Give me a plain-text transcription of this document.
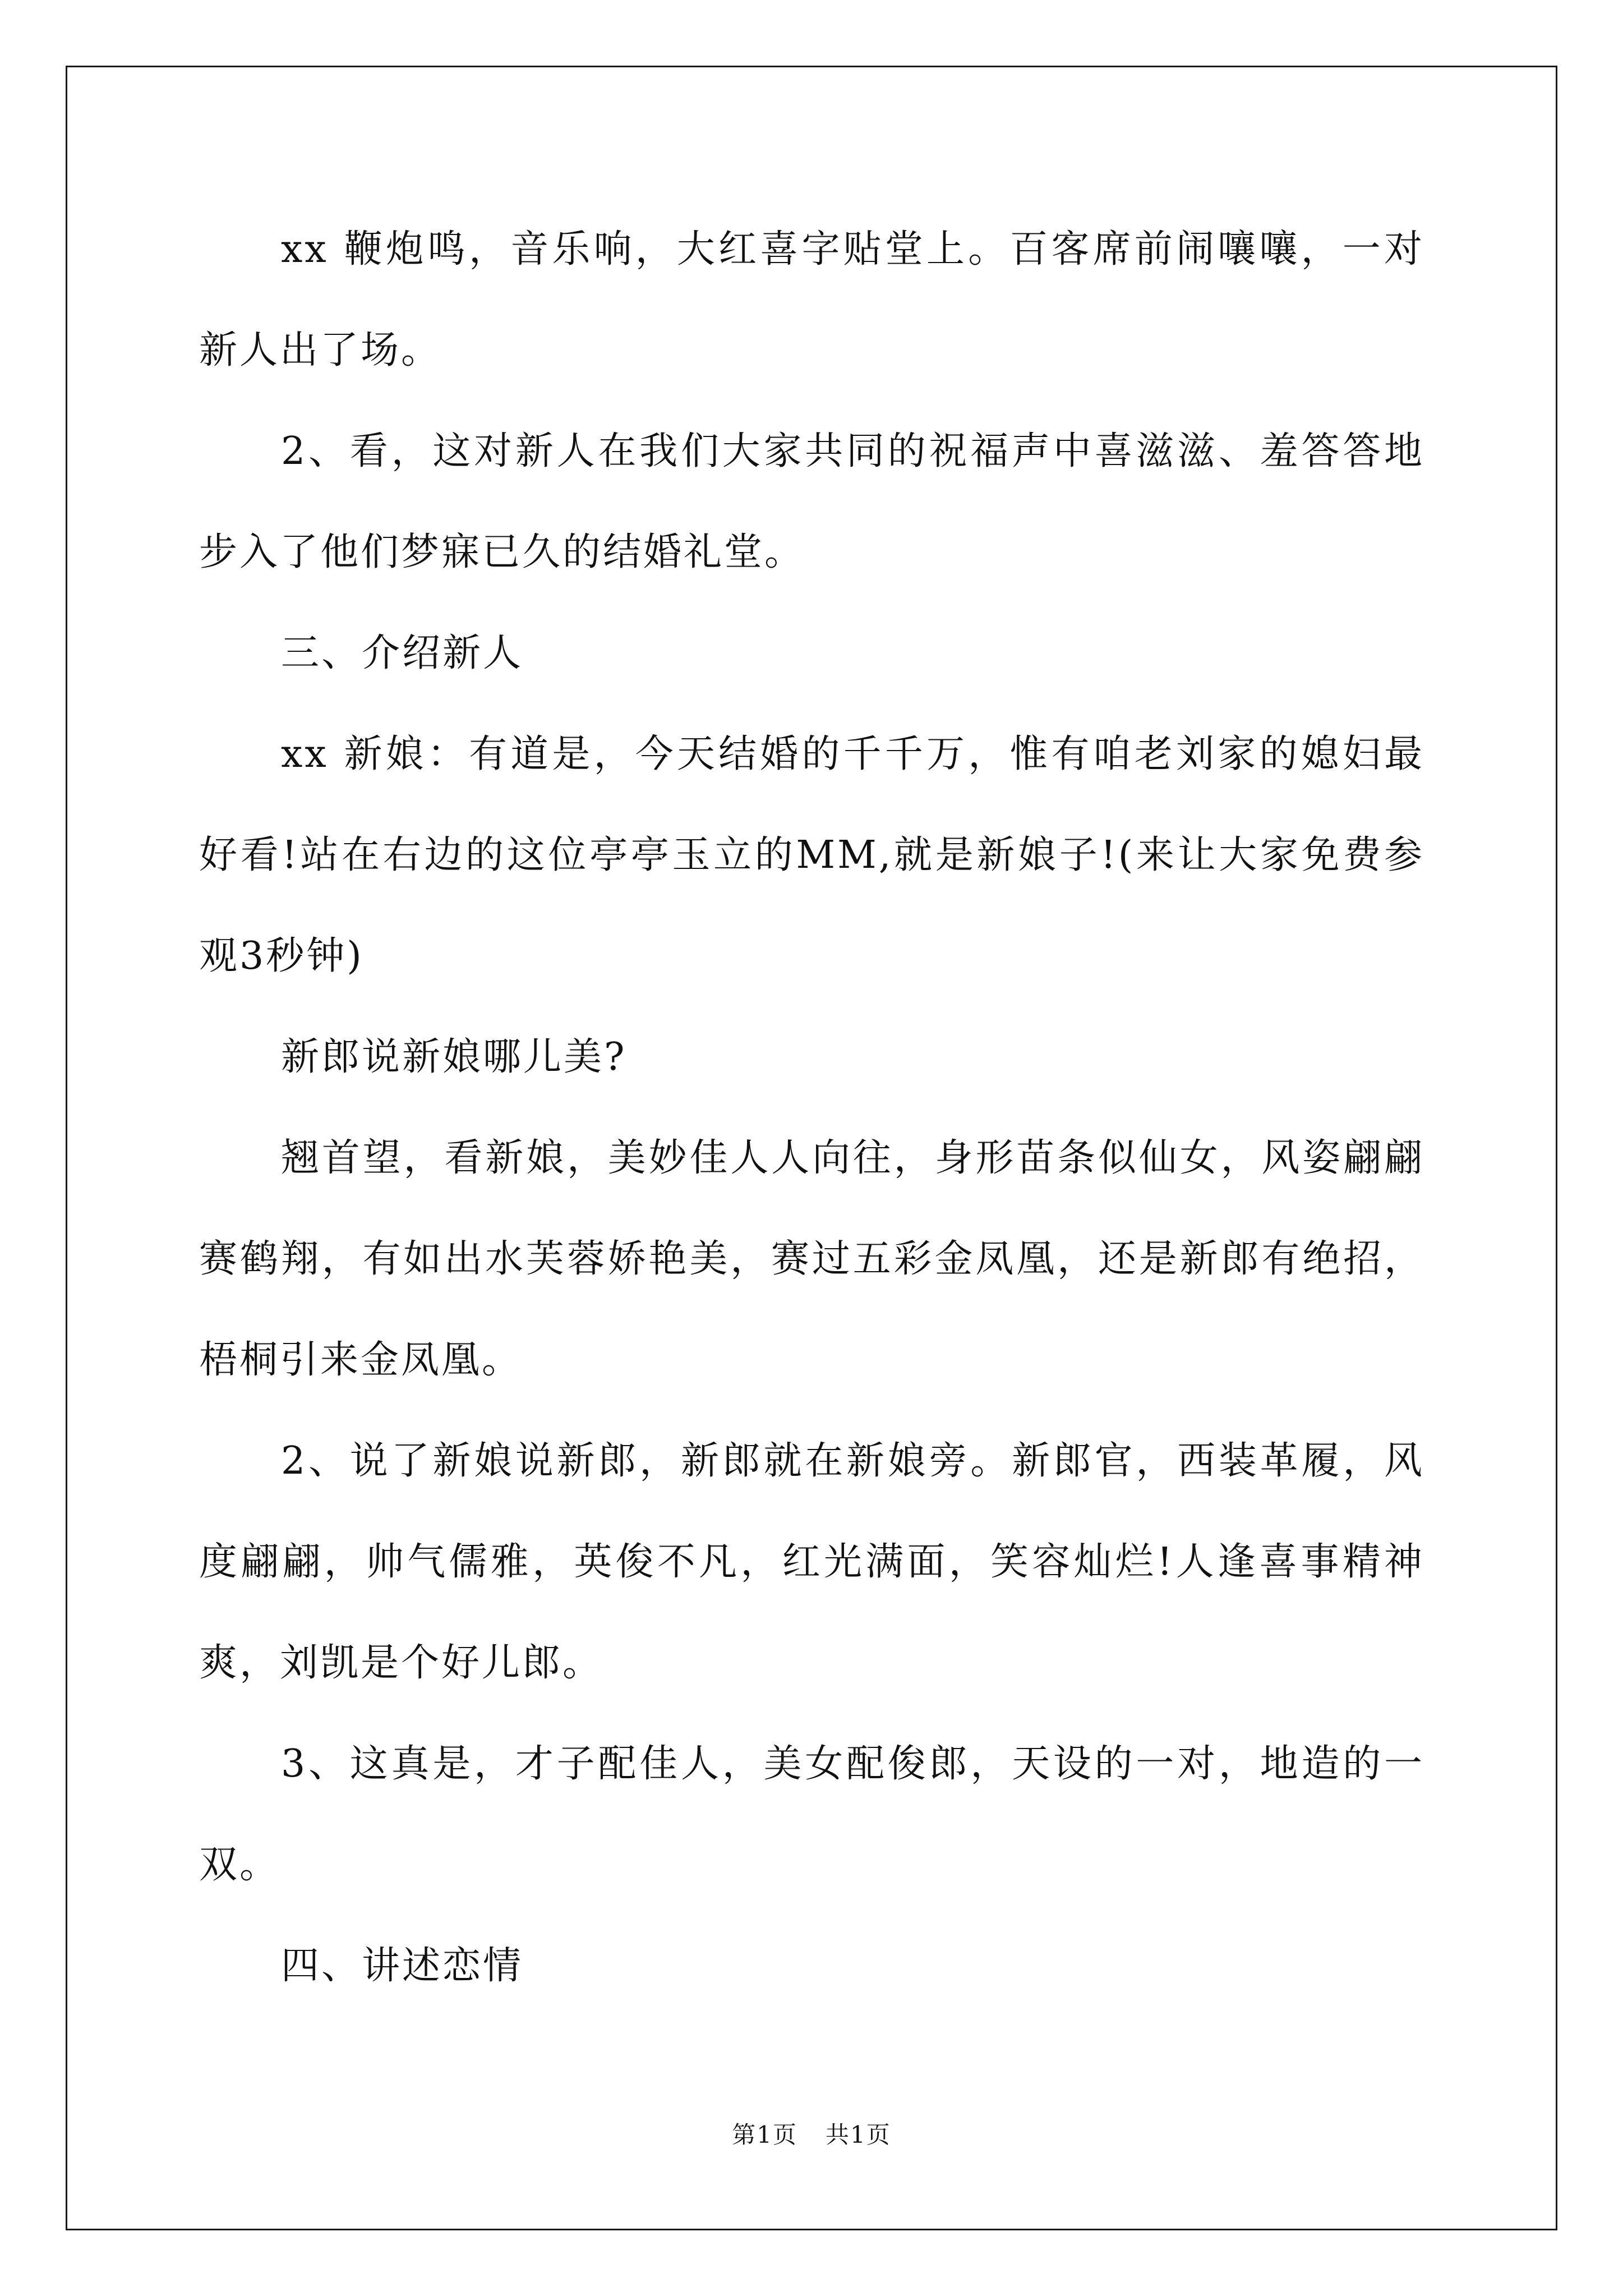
xx 鞭炮鸣，音乐响，大红喜字贴堂上。百客席前闹嚷嚷，一对新人出了场。

2、看，这对新人在我们大家共同的祝福声中喜滋滋、羞答答地步入了他们梦寐已久的结婚礼堂。

三、介绍新人

xx 新娘：有道是，今天结婚的千千万，惟有咱老刘家的媳妇最好看!站在右边的这位亭亭玉立的MM,就是新娘子!(来让大家免费参观3秒钟)

新郎说新娘哪儿美?

翘首望，看新娘，美妙佳人人向往，身形苗条似仙女，风姿翩翩赛鹤翔，有如出水芙蓉娇艳美，赛过五彩金凤凰，还是新郎有绝招，梧桐引来金凤凰。

2、说了新娘说新郎，新郎就在新娘旁。新郎官，西装革履，风度翩翩，帅气儒雅，英俊不凡，红光满面，笑容灿烂!人逢喜事精神爽，刘凯是个好儿郎。

3、这真是，才子配佳人，美女配俊郎，天设的一对，地造的一双。

四、讲述恋情

第1页 共1页
